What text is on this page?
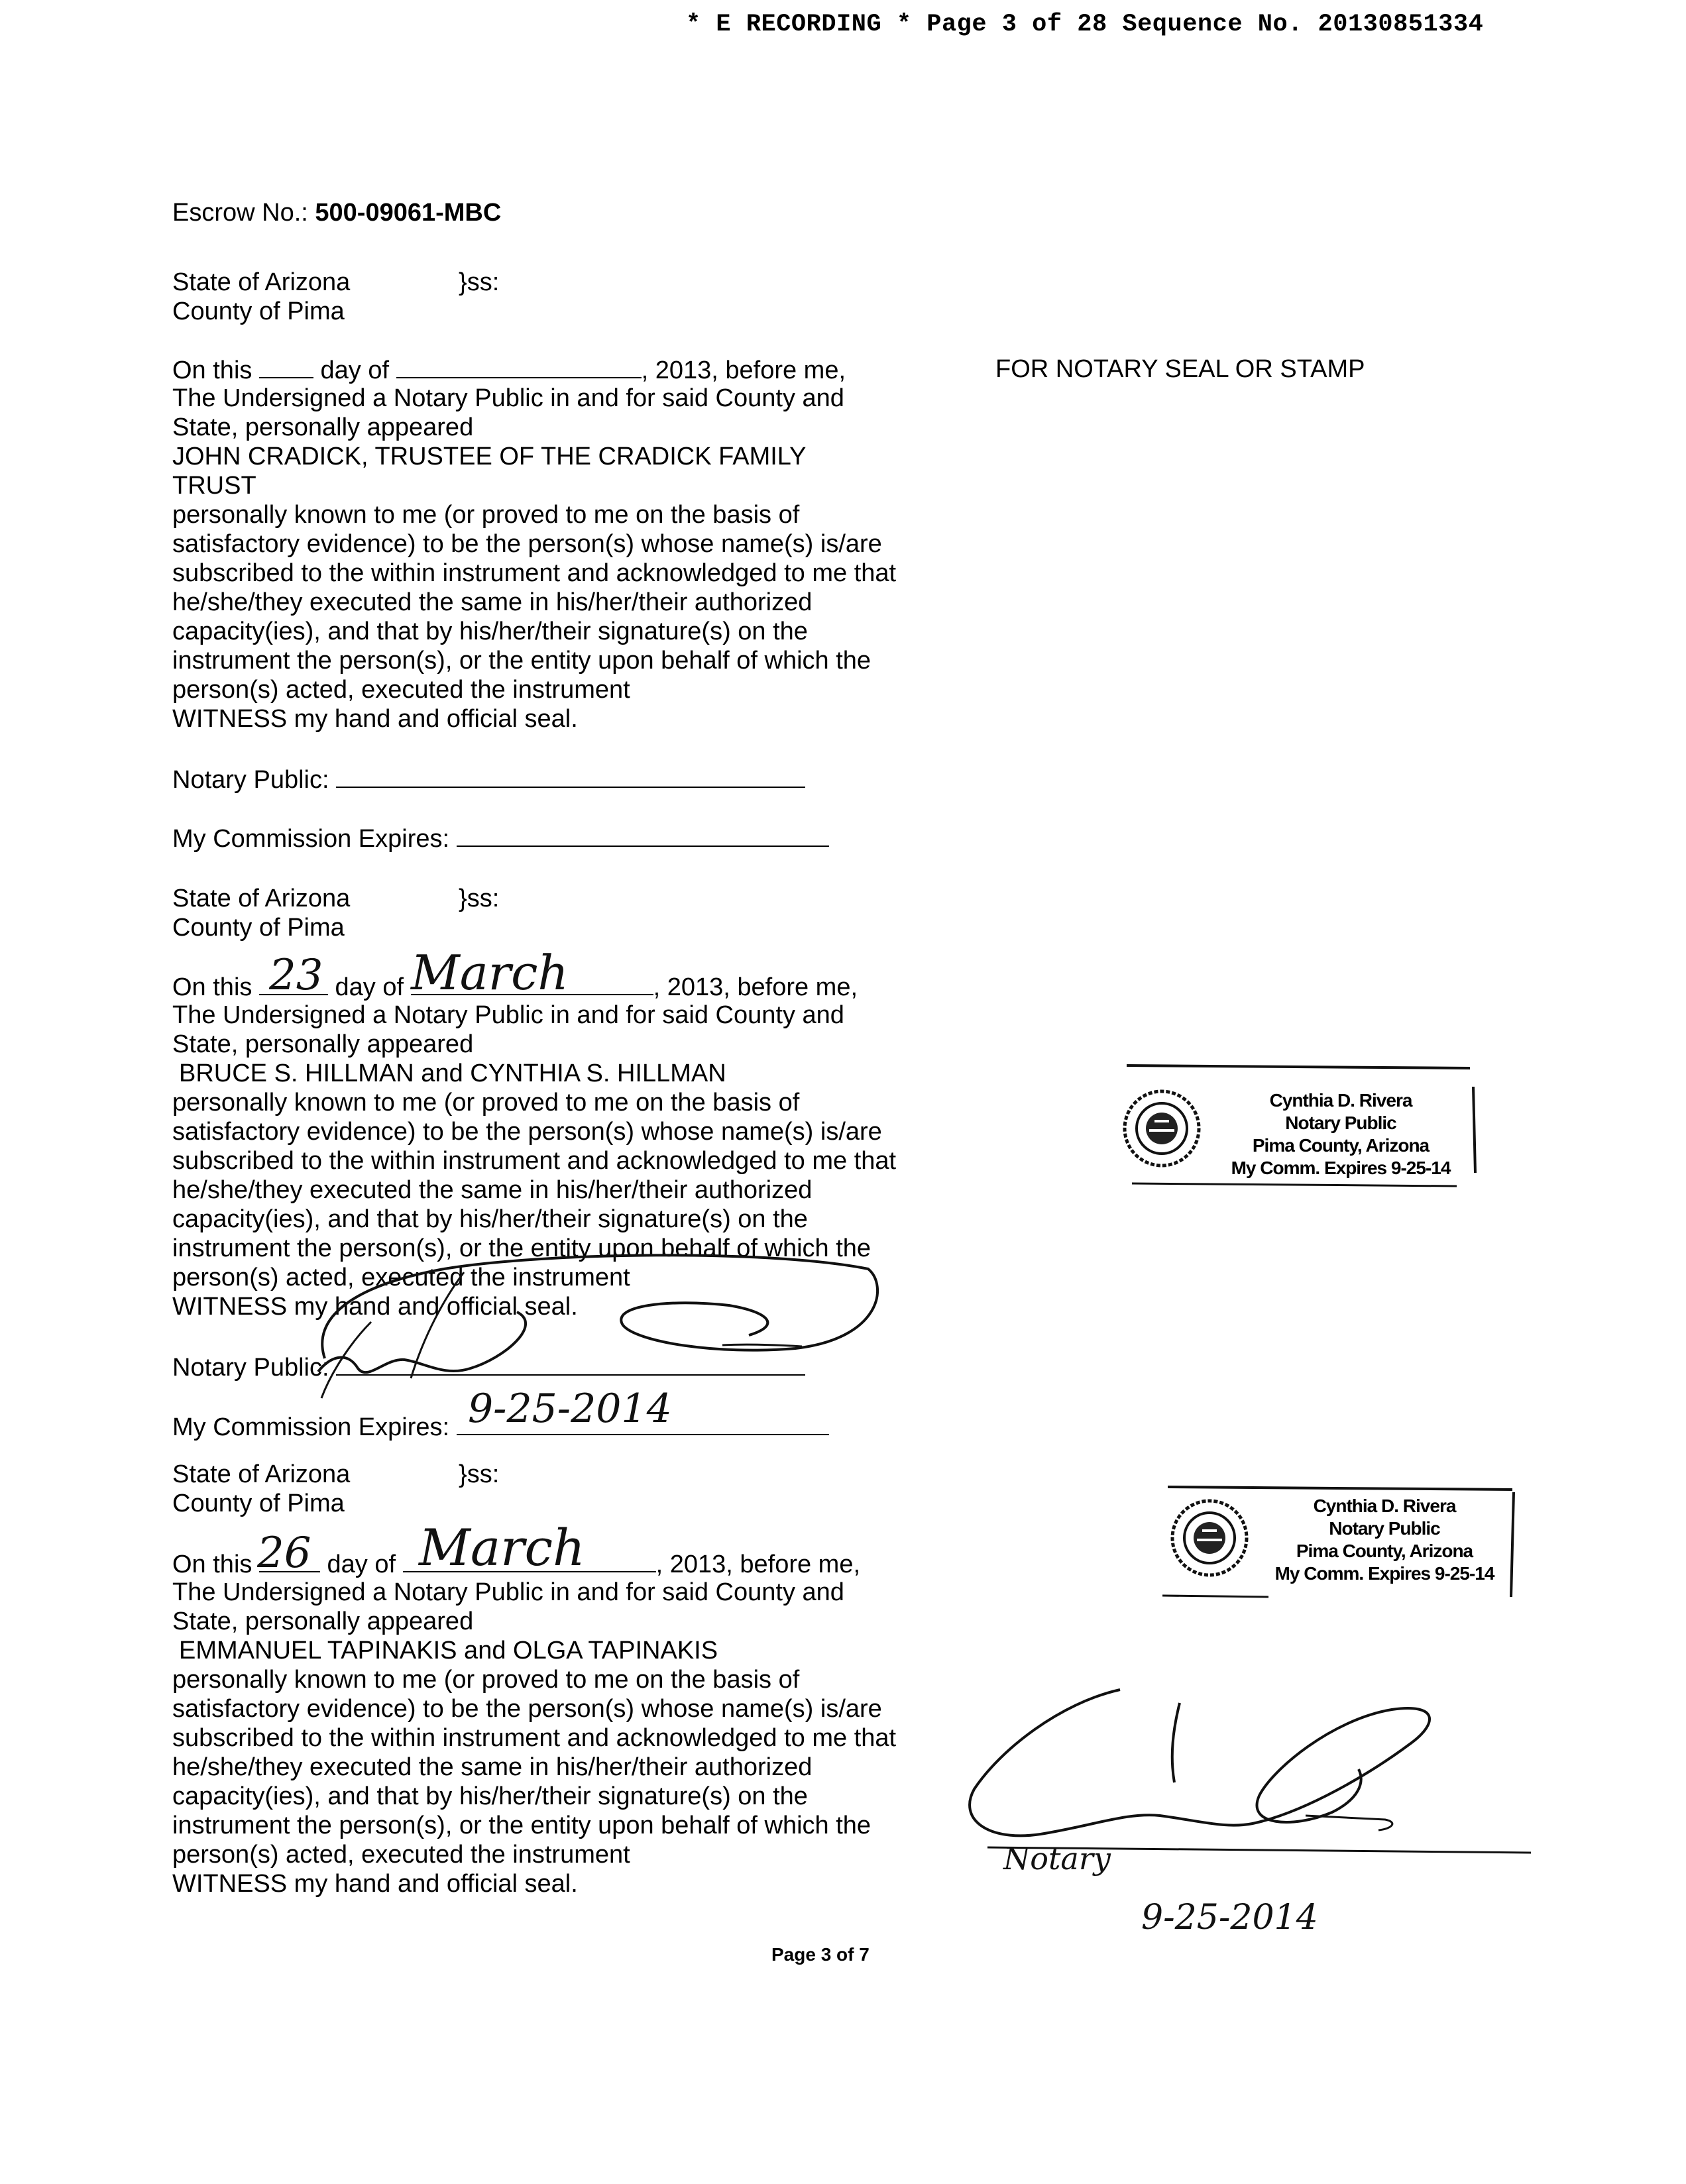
* E RECORDING * Page 3 of 28 Sequence No. 20130851334
Escrow No.: 500-09061-MBC
FOR NOTARY SEAL OR STAMP
State of Arizona	}ss:
County of Pima
On this	day of	, 2013, before me,
The Undersigned a Notary Public in and for said County and
State, personally appeared
JOHN CRADICK, TRUSTEE OF THE CRADICK FAMILY
TRUST
personally known to me (or proved to me on the basis of
satisfactory evidence) to be the person(s) whose name(s) is/are
subscribed to the within instrument and acknowledged to me that
he/she/they executed the same in his/her/their authorized
capacity(ies), and that by his/her/their signature(s) on the
instrument the person(s), or the entity upon behalf of which the
person(s) acted, executed the instrument
WITNESS my hand and official seal.
Notary Public:
My Commission Expires:
State of Arizona	}ss:
County of Pima
On this	day of	, 2013, before me,
23 March
The Undersigned a Notary Public in and for said County and
State, personally appeared
BRUCE S. HILLMAN and CYNTHIA S. HILLMAN
personally known to me (or proved to me on the basis of
satisfactory evidence) to be the person(s) whose name(s) is/are
subscribed to the within instrument and acknowledged to me that
he/she/they executed the same in his/her/their authorized
capacity(ies), and that by his/her/their signature(s) on the
instrument the person(s), or the entity upon behalf of which the
person(s) acted, executed the instrument
WITNESS my hand and official seal.
Notary Public:
My Commission Expires: 9-25-2014
State of Arizona	}ss:
County of Pima
On this	day of	, 2013, before me,
26 March
The Undersigned a Notary Public in and for said County and
State, personally appeared
EMMANUEL TAPINAKIS and OLGA TAPINAKIS
personally known to me (or proved to me on the basis of
satisfactory evidence) to be the person(s) whose name(s) is/are
subscribed to the within instrument and acknowledged to me that
he/she/they executed the same in his/her/their authorized
capacity(ies), and that by his/her/their signature(s) on the
instrument the person(s), or the entity upon behalf of which the
person(s) acted, executed the instrument
WITNESS my hand and official seal.
Notary
9-25-2014
Cynthia D. Rivera
Notary Public
Pima County, Arizona
My Comm. Expires 9-25-14
Cynthia D. Rivera
Notary Public
Pima County, Arizona
My Comm. Expires 9-25-14
Page 3 of 7
